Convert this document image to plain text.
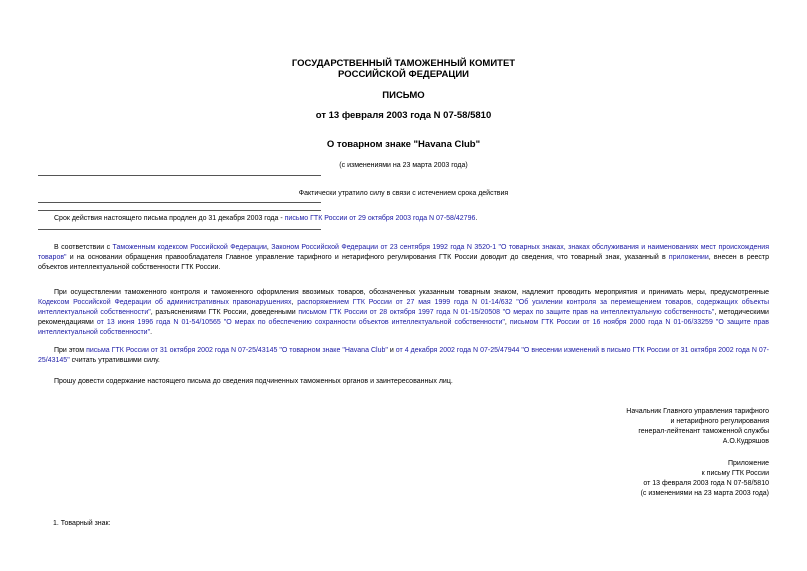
ГОСУДАРСТВЕННЫЙ ТАМОЖЕННЫЙ КОМИТЕТ
РОССИЙСКОЙ ФЕДЕРАЦИИ
ПИСЬМО
от 13 февраля 2003 года N 07-58/5810
О товарном знаке "Havana Club"
(с изменениями на 23 марта 2003 года)
Фактически утратило силу в связи с истечением срока действия
Срок действия настоящего письма продлен до 31 декабря 2003 года - письмо ГТК России от 29 октября 2003 года N 07-58/42796.
В соответствии с Таможенным кодексом Российской Федерации, Законом Российской Федерации от 23 сентября 1992 года N 3520-1 "О товарных знаках, знаках обслуживания и наименованиях мест происхождения товаров" и на основании обращения правообладателя Главное управление тарифного и нетарифного регулирования ГТК России доводит до сведения, что товарный знак, указанный в приложении, внесен в реестр объектов интеллектуальной собственности ГТК России.
При осуществлении таможенного контроля и таможенного оформления ввозимых товаров, обозначенных указанным товарным знаком, надлежит проводить мероприятия и принимать меры, предусмотренные Кодексом Российской Федерации об административных правонарушениях, распоряжением ГТК России от 27 мая 1999 года N 01-14/632 "Об усилении контроля за перемещением товаров, содержащих объекты интеллектуальной собственности", разъяснениями ГТК России, доведенными письмом ГТК России от 28 октября 1997 года N 01-15/20508 "О мерах по защите прав на интеллектуальную собственность", методическими рекомендациями от 13 июня 1996 года N 01-54/10565 "О мерах по обеспечению сохранности объектов интеллектуальной собственности", письмом ГТК России от 16 ноября 2000 года N 01-06/33259 "О защите прав интеллектуальной собственности".
При этом письма ГТК России от 31 октября 2002 года N 07-25/43145 "О товарном знаке "Havana Club" и от 4 декабря 2002 года N 07-25/47944 "О внесении изменений в письмо ГТК России от 31 октября 2002 года N 07-25/43145" считать утратившими силу.
Прошу довести содержание настоящего письма до сведения подчиненных таможенных органов и заинтересованных лиц.
Начальник Главного управления тарифного
и нетарифного регулирования
генерал-лейтенант таможенной службы
А.О.Кудряшов
Приложение
к письму ГТК России
от 13 февраля 2003 года N 07-58/5810
(с изменениями на 23 марта 2003 года)
1. Товарный знак:
